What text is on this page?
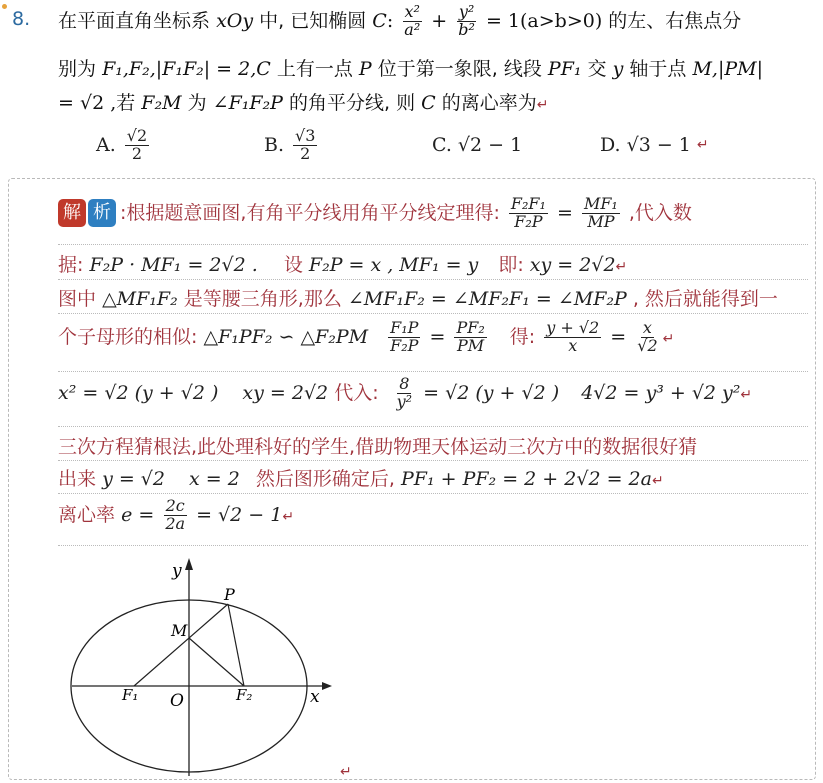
8. 在平面直角坐标系 xOy 中, 已知椭圆 C: $\frac{\text{x²}}{\text{a²}} + \frac{\text{y²}}{\text{b²}} = 1(a>b>0)$ 的左、右焦点分
别为 F₁,F₂,|F₁F₂| = 2,C 上有一点 P 位于第一象限, 线段 PF₁ 交 y 轴于点 M,|PM|
= √2 ,若 F₂M 为 ∠F₁F₂P 的角平分线, 则 C 的离心率为↵
A. $\frac{√2}{2}$	B. $\frac{√3}{2}$	C. √2 − 1	D. √3 − 1 ↵
解 析 :根据题意画图,有角平分线用角平分线定理得: $\frac{\text{F₂F₁}}{\text{F₂P}} = \frac{\text{MF₁}}{MP}$ ,代入数
据: F₂P · MF₁ = 2√2 . 设 F₂P = x , MF₁ = y 即: xy = 2√2↵
图中 △MF₁F₂ 是等腰三角形,那么 ∠MF₁F₂ = ∠MF₂F₁ = ∠MF₂P , 然后就能得到一
个子母形的相似: △F₁PF₂ ∽ △F₂PM $\frac{\text{F₁P}}{\text{F₂P}} = \frac{\text{PF₂}}{PM}$ 得: $\frac{y + √2}{x} = \frac{x}{√2}$ ↵
x² = √2 (y + √2 ) xy = 2√2 代入: $\frac{8}{\text{y²}} = √2$ (y + √2 ) 4√2 = y³ + √2 y²↵
三次方程猜根法,此处理科好的学生,借助物理天体运动三次方中的数据很好猜
出来 y = √2 x = 2 然后图形确定后, PF₁ + PF₂ = 2 + 2√2 = 2a↵
离心率 $e = \frac{2c}{2a} = √2$ − 1↵
y
x
P
M
O
F₁	F₂
↵
